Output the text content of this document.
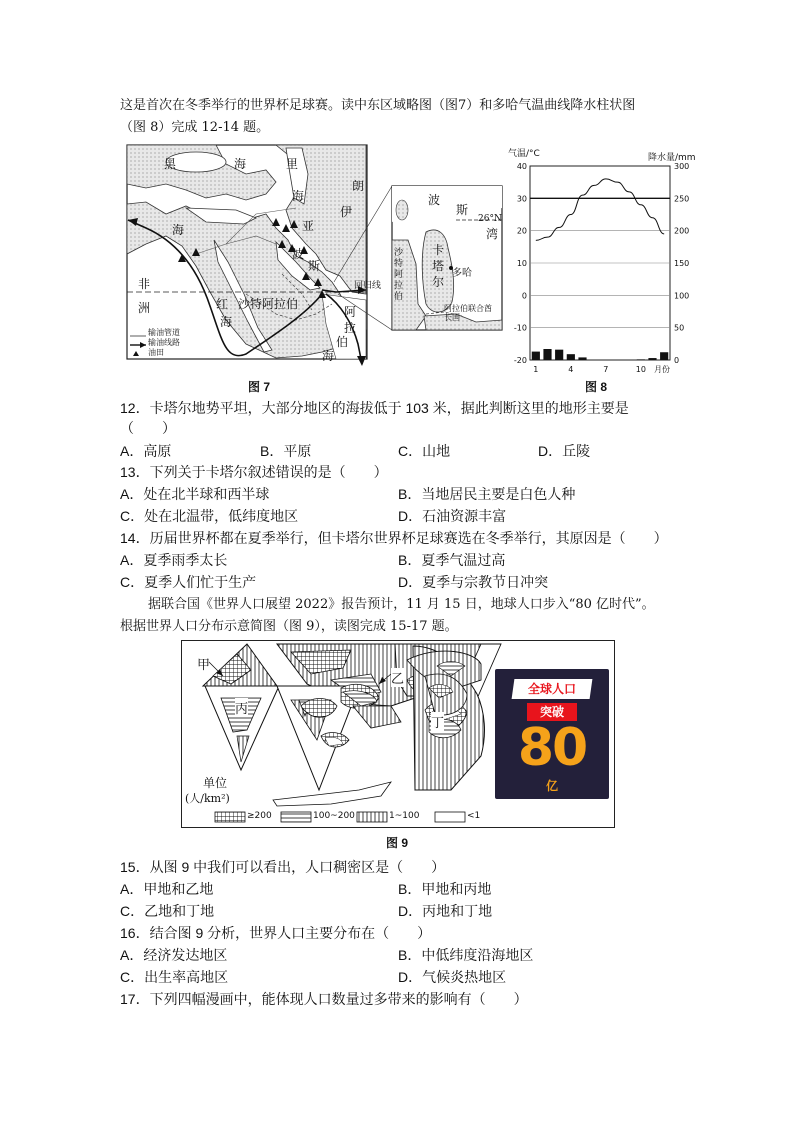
这是首次在冬季举行的世界杯足球赛。读中东区域略图（图7）和多哈气温曲线降水柱状图
（图 8）完成 12-14 题。
黑	海	里
海
伊
朗
亚
波
斯
非
洲
海
沙特阿拉伯
红
海
海
阿
拉
伯
回归线
输油管道
输油线路
油田
波
斯
湾
26°N
卡
塔
尔
多哈
沙特阿拉伯
阿拉伯联合酋长国
图 7
40
30
20
10
0
-10
-20
300
250
200
150
100
50
0
1	4	7	10 月份
气温/°C	降水量/mm
图 8
12．卡塔尔地势平坦，大部分地区的海拔低于 103 米，据此判断这里的地形主要是
（　　）
A．高原	B．平原	C．山地	D．丘陵
13．下列关于卡塔尔叙述错误的是（　　）
A．处在北半球和西半球	B．当地居民主要是白色人种
C．处在北温带，低纬度地区	D．石油资源丰富
14．历届世界杯都在夏季举行，但卡塔尔世界杯足球赛选在冬季举行，其原因是（　　）
A．夏季雨季太长	B．夏季气温过高
C．夏季人们忙于生产	D．夏季与宗教节日冲突
据联合国《世界人口展望 2022》报告预计，11 月 15 日，地球人口步入“80 亿时代”。
根据世界人口分布示意简图（图 9），读图完成 15-17 题。
甲
乙
丙
丁
单位
(人/km²)
≥200	100~200	1~100	<1
全球人口
突破
80
亿
图 9
15．从图 9 中我们可以看出，人口稠密区是（　　）
A．甲地和乙地	B．甲地和丙地
C．乙地和丁地	D．丙地和丁地
16．结合图 9 分析，世界人口主要分布在（　　）
A．经济发达地区	B．中低纬度沿海地区
C．出生率高地区	D．气候炎热地区
17．下列四幅漫画中，能体现人口数量过多带来的影响有（　　）
